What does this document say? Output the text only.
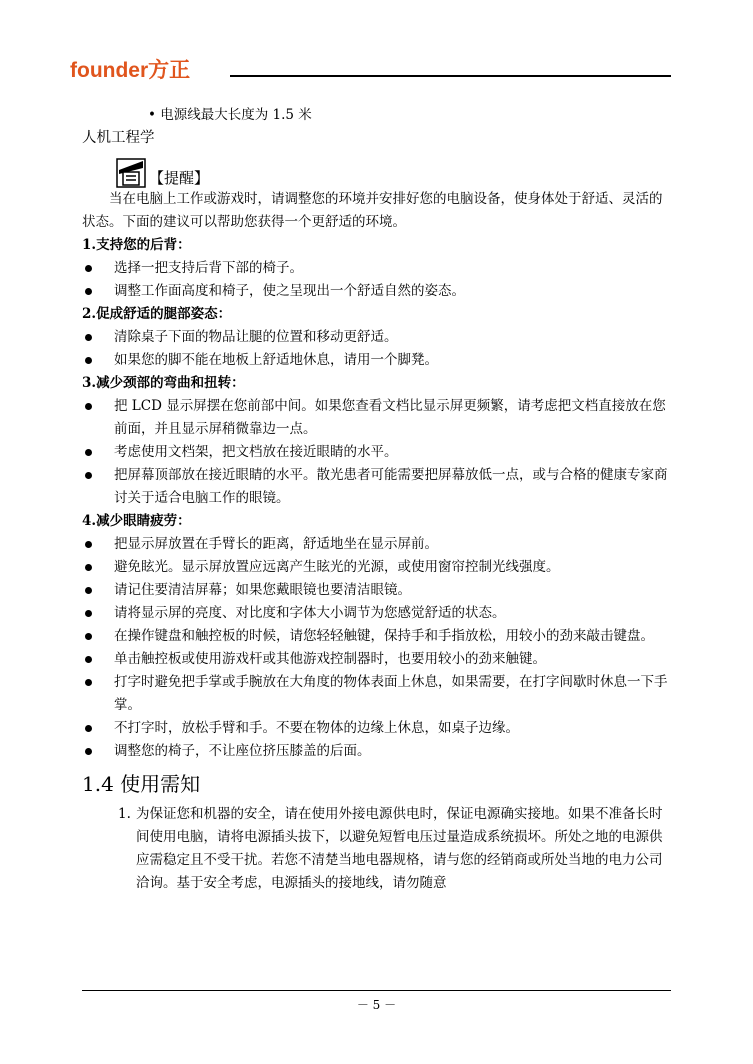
founder方正
• 电源线最大长度为 1.5 米
人机工程学
【提醒】
当在电脑上工作或游戏时，请调整您的环境并安排好您的电脑设备，使身体处于舒适、灵活的状态。下面的建议可以帮助您获得一个更舒适的环境。
1.支持您的后背：
选择一把支持后背下部的椅子。
调整工作面高度和椅子，使之呈现出一个舒适自然的姿态。
2.促成舒适的腿部姿态：
清除桌子下面的物品让腿的位置和移动更舒适。
如果您的脚不能在地板上舒适地休息，请用一个脚凳。
3.减少颈部的弯曲和扭转：
把 LCD 显示屏摆在您前部中间。如果您查看文档比显示屏更频繁，请考虑把文档直接放在您前面，并且显示屏稍微靠边一点。
考虑使用文档架，把文档放在接近眼睛的水平。
把屏幕顶部放在接近眼睛的水平。散光患者可能需要把屏幕放低一点，或与合格的健康专家商讨关于适合电脑工作的眼镜。
4.减少眼睛疲劳：
把显示屏放置在手臂长的距离，舒适地坐在显示屏前。
避免眩光。显示屏放置应远离产生眩光的光源，或使用窗帘控制光线强度。
请记住要清洁屏幕；如果您戴眼镜也要清洁眼镜。
请将显示屏的亮度、对比度和字体大小调节为您感觉舒适的状态。
在操作键盘和触控板的时候，请您轻轻触键，保持手和手指放松，用较小的劲来敲击键盘。
单击触控板或使用游戏杆或其他游戏控制器时，也要用较小的劲来触键。
打字时避免把手掌或手腕放在大角度的物体表面上休息，如果需要，在打字间歇时休息一下手掌。
不打字时，放松手臂和手。不要在物体的边缘上休息，如桌子边缘。
调整您的椅子，不让座位挤压膝盖的后面。
1.4 使用需知
1. 为保证您和机器的安全，请在使用外接电源供电时，保证电源确实接地。如果不准备长时间使用电脑，请将电源插头拔下，以避免短暂电压过量造成系统损坏。所处之地的电源供应需稳定且不受干扰。若您不清楚当地电器规格，请与您的经销商或所处当地的电力公司洽询。基于安全考虑，电源插头的接地线，请勿随意
－ 5 －
